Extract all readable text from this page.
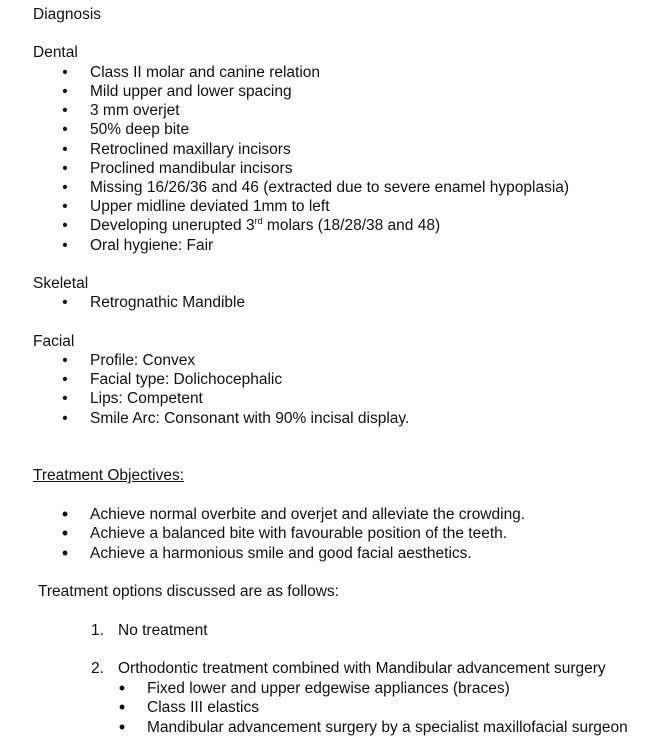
Diagnosis
Dental
• Class II molar and canine relation
• Mild upper and lower spacing
• 3 mm overjet
• 50% deep bite
• Retroclined maxillary incisors
• Proclined mandibular incisors
• Missing 16/26/36 and 46 (extracted due to severe enamel hypoplasia)
• Upper midline deviated 1mm to left
• Developing unerupted 3rd molars (18/28/38 and 48)
• Oral hygiene: Fair
Skeletal
• Retrognathic Mandible
Facial
• Profile: Convex
• Facial type: Dolichocephalic
• Lips: Competent
• Smile Arc: Consonant with 90% incisal display.
Treatment Objectives:
• Achieve normal overbite and overjet and alleviate the crowding.
• Achieve a balanced bite with favourable position of the teeth.
• Achieve a harmonious smile and good facial aesthetics.
Treatment options discussed are as follows:
1. No treatment
2. Orthodontic treatment combined with Mandibular advancement surgery
• Fixed lower and upper edgewise appliances (braces)
• Class III elastics
• Mandibular advancement surgery by a specialist maxillofacial surgeon
